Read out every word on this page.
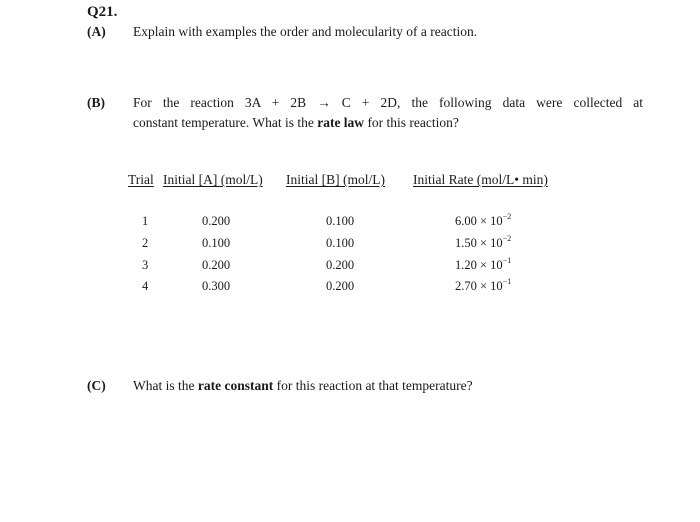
Q21.
(A) Explain with examples the order and molecularity of a reaction.
(B) For the reaction 3A + 2B → C + 2D, the following data were collected at
constant temperature. What is the rate law for this reaction?
Trial Initial [A] (mol/L) Initial [B] (mol/L) Initial Rate (mol/L• min)
1	0.200	0.100	$6.00 \times 10^{-2}$
2	0.100	0.100	$1.50 \times 10^{-2}$
3	0.200	0.200	$1.20 \times 10^{-1}$
4	0.300	0.200	$2.70 \times 10^{-1}$
(C) What is the rate constant for this reaction at that temperature?
